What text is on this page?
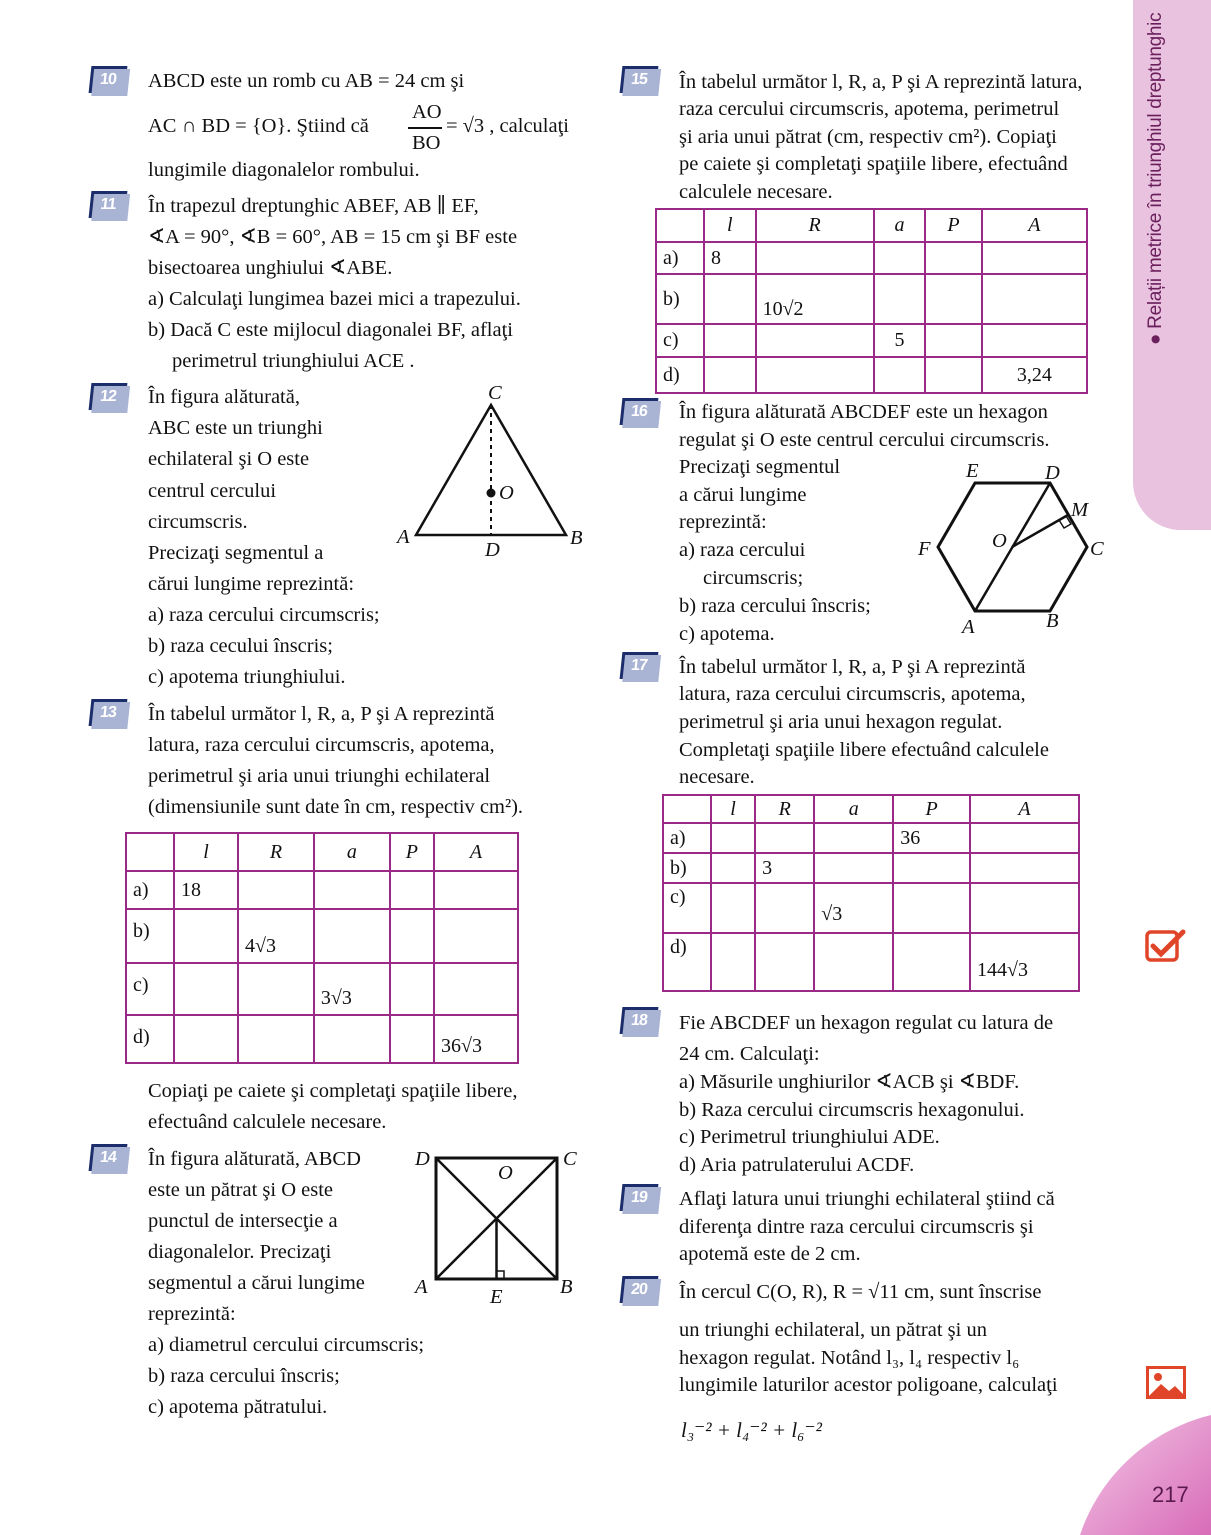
● Relații metrice în triunghiul dreptunghic
217
10	ABCD este un romb cu AB = 24 cm şi
AC ∩ BD = {O}. Ştiind că
AO
BO
= √3 , calculaţi
lungimile diagonalelor rombului.
11	În trapezul dreptunghic ABEF, AB ∥ EF,
∢A = 90°, ∢B = 60°, AB = 15 cm şi BF este
bisectoarea unghiului ∢ABE.
a) Calculaţi lungimea bazei mici a trapezului.
b) Dacă C este mijlocul diagonalei BF, aflaţi
perimetrul triunghiului ACE .
12	În figura alăturată,
ABC este un triunghi
echilateral şi O este
centrul cercului
circumscris.
Precizaţi segmentul a
cărui lungime reprezintă:
a) raza cercului circumscris;
b) raza cecului înscris;
c) apotema triunghiului.
C
O
A	B
D
13	În tabelul următor l, R, a, P şi A reprezintă
latura, raza cercului circumscris, apotema,
perimetrul şi aria unui triunghi echilateral
(dimensiunile sunt date în cm, respectiv cm²).
	l	R	a	P	A
a)	18				
b)		4√3			
c)			3√3		
d)					36√3
Copiaţi pe caiete şi completaţi spaţiile libere,
efectuând calculele necesare.
14	În figura alăturată, ABCD
este un pătrat şi O este
punctul de intersecţie a
diagonalelor. Precizaţi
segmentul a cărui lungime
reprezintă:
a) diametrul cercului circumscris;
b) raza cercului înscris;
c) apotema pătratului.
D
O
C
A	E	B
15	În tabelul următor l, R, a, P şi A reprezintă latura,
raza cercului circumscris, apotema, perimetrul
şi aria unui pătrat (cm, respectiv cm²). Copiaţi
pe caiete şi completaţi spaţiile libere, efectuând
calculele necesare.
	l	R	a	P	A
a)	8				
b)		10√2			
c)			5		
d)					3,24
16	În figura alăturată ABCDEF este un hexagon
regulat şi O este centrul cercului circumscris.
Precizaţi segmentul
a cărui lungime
reprezintă:
a) raza cercului
circumscris;
b) raza cercului înscris;
c) apotema.
E	D
M
F	O	C
A	B
17	În tabelul următor l, R, a, P şi A reprezintă
latura, raza cercului circumscris, apotema,
perimetrul şi aria unui hexagon regulat.
Completaţi spaţiile libere efectuând calculele
necesare.
	l	R	a	P	A
a)				36	
b)		3			
c)			√3		
d)					144√3
18	Fie ABCDEF un hexagon regulat cu latura de
24 cm. Calculaţi:
a) Măsurile unghiurilor ∢ACB şi ∢BDF.
b) Raza cercului circumscris hexagonului.
c) Perimetrul triunghiului ADE.
d) Aria patrulaterului ACDF.
19	Aflaţi latura unui triunghi echilateral ştiind că
diferenţa dintre raza cercului circumscris şi
apotemă este de 2 cm.
20	În cercul C(O, R), R = √11 cm, sunt înscrise
un triunghi echilateral, un pătrat şi un
hexagon regulat. Notând l₃, l₄ respectiv l₆
lungimile laturilor acestor poligoane, calculaţi
l₃⁻² + l₄⁻² + l₆⁻²
